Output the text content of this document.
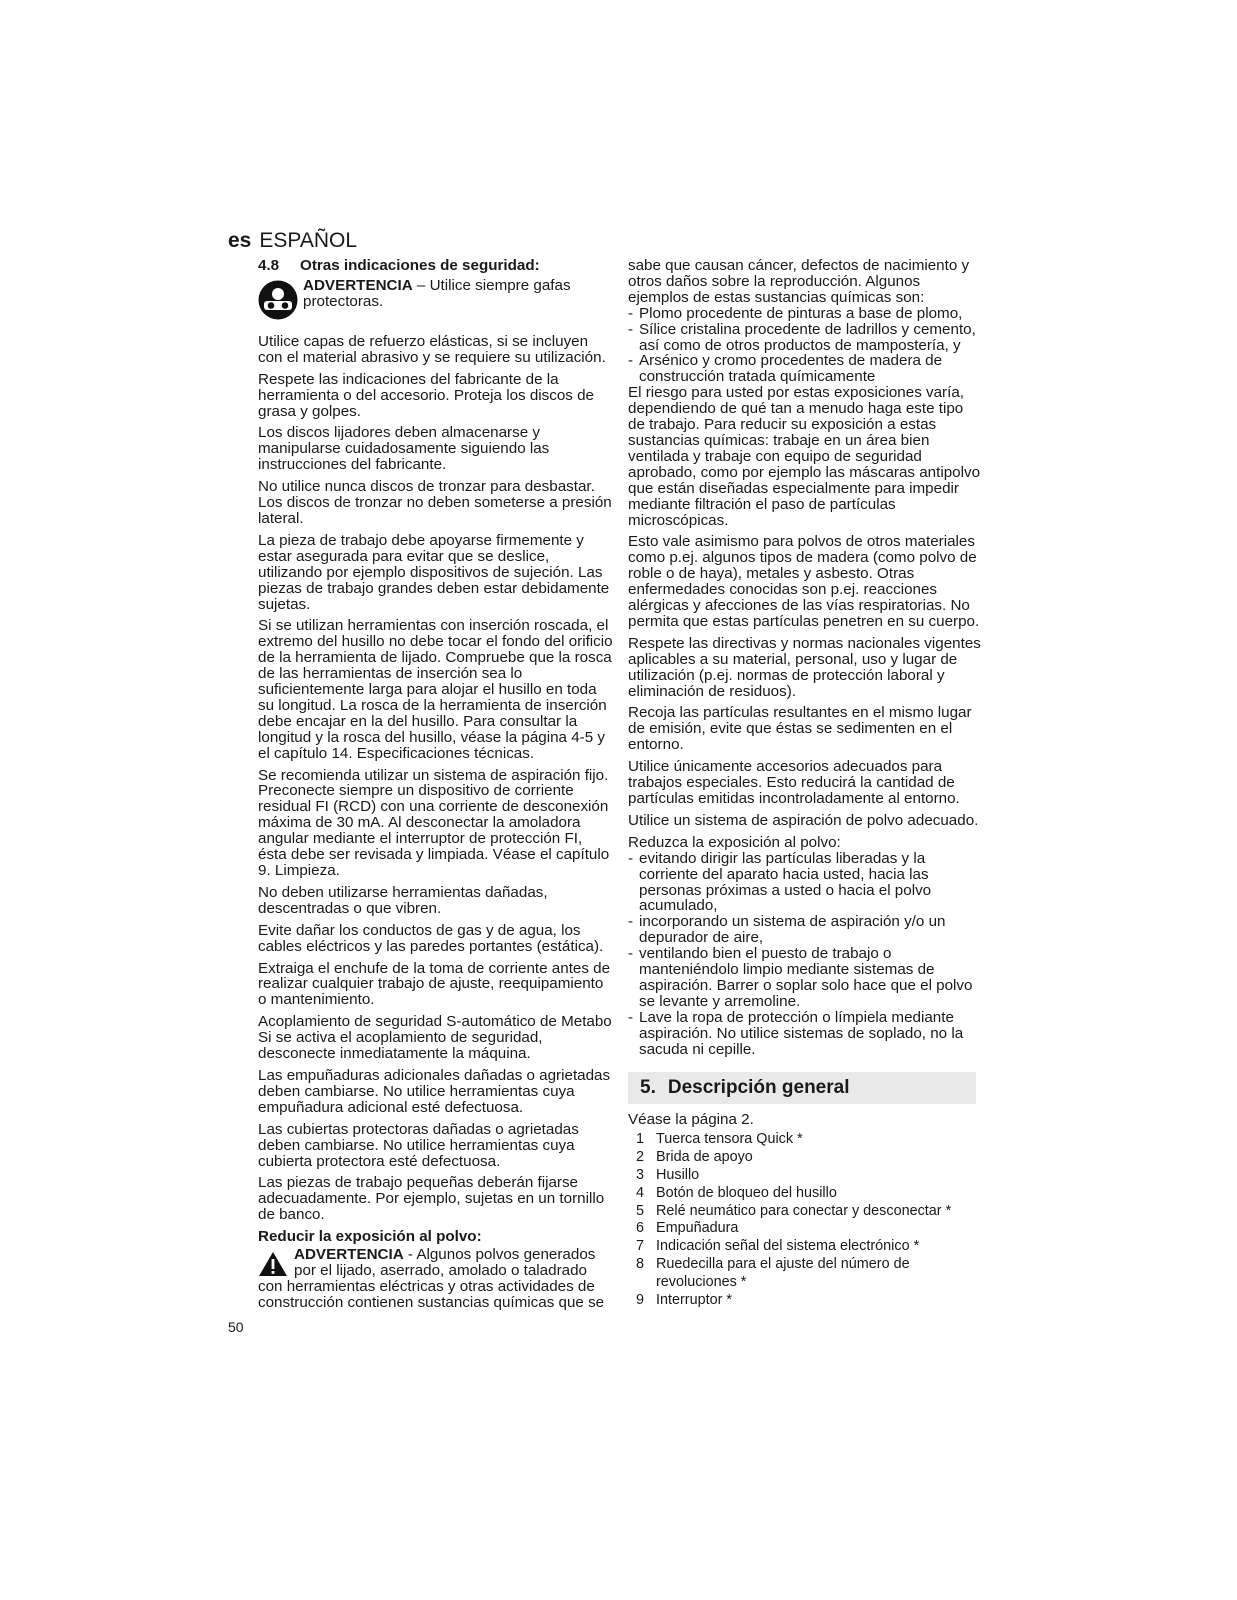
es ESPAÑOL
4.8 Otras indicaciones de seguridad:
ADVERTENCIA – Utilice siempre gafas protectoras.

Utilice capas de refuerzo elásticas, si se incluyen con el material abrasivo y se requiere su utilización.

Respete las indicaciones del fabricante de la herramienta o del accesorio. Proteja los discos de grasa y golpes.

Los discos lijadores deben almacenarse y manipularse cuidadosamente siguiendo las instrucciones del fabricante.

No utilice nunca discos de tronzar para desbastar. Los discos de tronzar no deben someterse a presión lateral.

La pieza de trabajo debe apoyarse firmemente y estar asegurada para evitar que se deslice, utilizando por ejemplo dispositivos de sujeción. Las piezas de trabajo grandes deben estar debidamente sujetas.

Si se utilizan herramientas con inserción roscada, el extremo del husillo no debe tocar el fondo del orificio de la herramienta de lijado. Compruebe que la rosca de las herramientas de inserción sea lo suficientemente larga para alojar el husillo en toda su longitud. La rosca de la herramienta de inserción debe encajar en la del husillo. Para consultar la longitud y la rosca del husillo, véase la página 4-5 y el capítulo 14. Especificaciones técnicas.

Se recomienda utilizar un sistema de aspiración fijo. Preconecte siempre un dispositivo de corriente residual FI (RCD) con una corriente de desconexión máxima de 30 mA. Al desconectar la amoladora angular mediante el interruptor de protección FI, ésta debe ser revisada y limpiada. Véase el capítulo 9. Limpieza.

No deben utilizarse herramientas dañadas, descentradas o que vibren.

Evite dañar los conductos de gas y de agua, los cables eléctricos y las paredes portantes (estática).

Extraiga el enchufe de la toma de corriente antes de realizar cualquier trabajo de ajuste, reequipamiento o mantenimiento.

Acoplamiento de seguridad S-automático de Metabo Si se activa el acoplamiento de seguridad, desconecte inmediatamente la máquina.

Las empuñaduras adicionales dañadas o agrietadas deben cambiarse. No utilice herramientas cuya empuñadura adicional esté defectuosa.

Las cubiertas protectoras dañadas o agrietadas deben cambiarse. No utilice herramientas cuya cubierta protectora esté defectuosa.

Las piezas de trabajo pequeñas deberán fijarse adecuadamente. Por ejemplo, sujetas en un tornillo de banco.

Reducir la exposición al polvo:
ADVERTENCIA - Algunos polvos generados por el lijado, aserrado, amolado o taladrado con herramientas eléctricas y otras actividades de construcción contienen sustancias químicas que se

sabe que causan cáncer, defectos de nacimiento y otros daños sobre la reproducción. Algunos ejemplos de estas sustancias químicas son:

- Plomo procedente de pinturas a base de plomo,
- Sílice cristalina procedente de ladrillos y cemento, así como de otros productos de mampostería, y
- Arsénico y cromo procedentes de madera de construcción tratada químicamente

El riesgo para usted por estas exposiciones varía, dependiendo de qué tan a menudo haga este tipo de trabajo. Para reducir su exposición a estas sustancias químicas: trabaje en un área bien ventilada y trabaje con equipo de seguridad aprobado, como por ejemplo las máscaras antipolvo que están diseñadas especialmente para impedir mediante filtración el paso de partículas microscópicas.

Esto vale asimismo para polvos de otros materiales como p.ej. algunos tipos de madera (como polvo de roble o de haya), metales y asbesto. Otras enfermedades conocidas son p.ej. reacciones alérgicas y afecciones de las vías respiratorias. No permita que estas partículas penetren en su cuerpo.

Respete las directivas y normas nacionales vigentes aplicables a su material, personal, uso y lugar de utilización (p.ej. normas de protección laboral y eliminación de residuos).

Recoja las partículas resultantes en el mismo lugar de emisión, evite que éstas se sedimenten en el entorno.

Utilice únicamente accesorios adecuados para trabajos especiales. Esto reducirá la cantidad de partículas emitidas incontroladamente al entorno.

Utilice un sistema de aspiración de polvo adecuado.

Reduzca la exposición al polvo:

- evitando dirigir las partículas liberadas y la corriente del aparato hacia usted, hacia las personas próximas a usted o hacia el polvo acumulado,
- incorporando un sistema de aspiración y/o un depurador de aire,
- ventilando bien el puesto de trabajo o manteniéndolo limpio mediante sistemas de aspiración. Barrer o soplar solo hace que el polvo se levante y arremoline.
- Lave la ropa de protección o límpiela mediante aspiración. No utilice sistemas de soplado, no la sacuda ni cepille.
5. Descripción general

Véase la página 2.

1 Tuerca tensora Quick *
2 Brida de apoyo
3 Husillo
4 Botón de bloqueo del husillo
5 Relé neumático para conectar y desconectar *
6 Empuñadura
7 Indicación señal del sistema electrónico *
8 Ruedecilla para el ajuste del número de revoluciones *
9 Interruptor *
50
